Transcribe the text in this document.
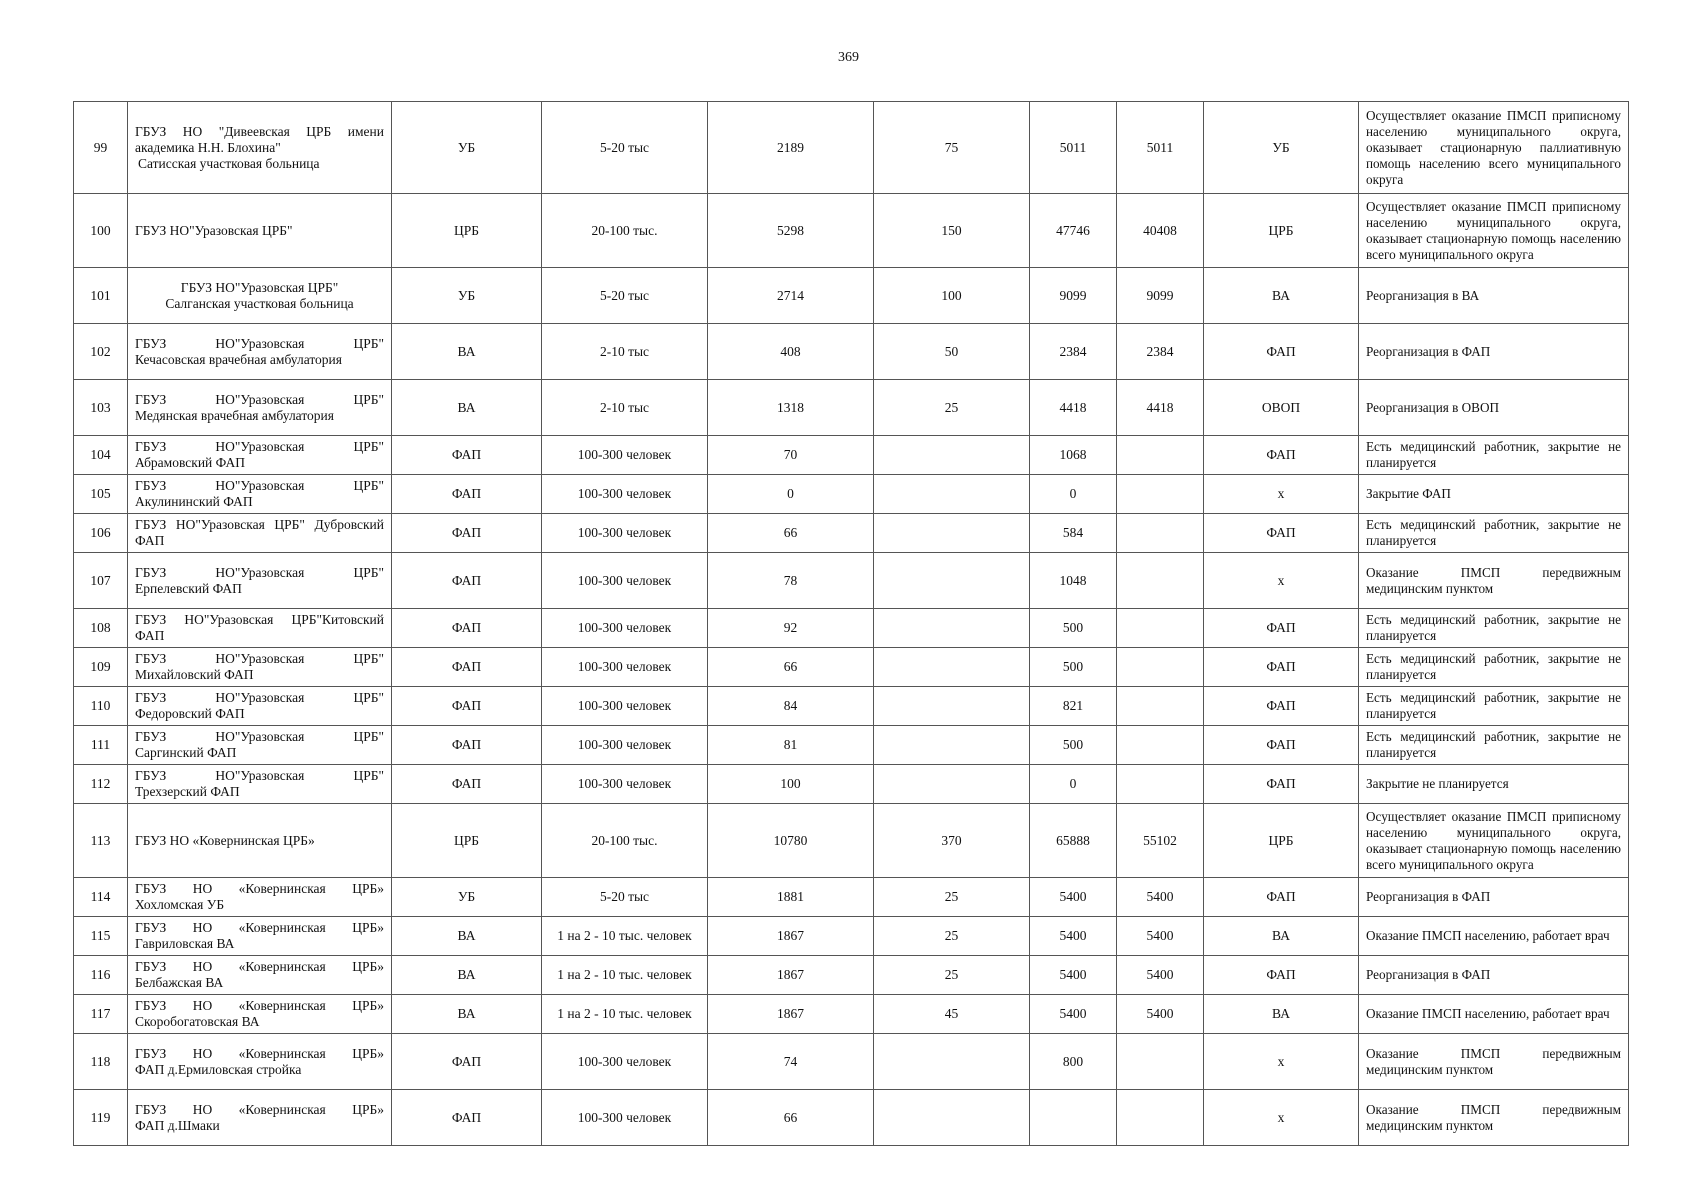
369
99	ГБУЗ НО "Дивеевская ЦРБ имени
академика Н.Н. Блохина"
Сатисская участковая больница	УБ	5-20 тыс	2189	75	5011	5011	УБ	Осуществляет оказание ПМСП приписному населению муниципального округа, оказывает стационарную паллиативную помощь населению всего муниципального округа
100	ГБУЗ НО"Уразовская ЦРБ"	ЦРБ	20-100 тыс.	5298	150	47746	40408	ЦРБ	Осуществляет оказание ПМСП приписному населению муниципального округа, оказывает стационарную помощь населению всего муниципального округа
101	ГБУЗ НО"Уразовская ЦРБ"
Салганская участковая больница	УБ	5-20 тыс	2714	100	9099	9099	ВА	Реорганизация в ВА
102	ГБУЗ НО"Уразовская ЦРБ"
Кечасовская врачебная амбулатория	ВА	2-10 тыс	408	50	2384	2384	ФАП	Реорганизация в ФАП
103	ГБУЗ НО"Уразовская ЦРБ"
Медянская врачебная амбулатория	ВА	2-10 тыс	1318	25	4418	4418	ОВОП	Реорганизация в ОВОП
104	ГБУЗ НО"Уразовская ЦРБ"
Абрамовский ФАП	ФАП	100-300 человек	70		1068		ФАП	Есть медицинский работник, закрытие не планируется
105	ГБУЗ НО"Уразовская ЦРБ"
Акулининский ФАП	ФАП	100-300 человек	0		0		х	Закрытие ФАП
106	ГБУЗ НО"Уразовская ЦРБ" Дубровский
ФАП	ФАП	100-300 человек	66		584		ФАП	Есть медицинский работник, закрытие не планируется
107	ГБУЗ НО"Уразовская ЦРБ"
Ерпелевский ФАП	ФАП	100-300 человек	78		1048		х	Оказание ПМСП передвижным медицинским пунктом
108	ГБУЗ НО"Уразовская ЦРБ"Китовский
ФАП	ФАП	100-300 человек	92		500		ФАП	Есть медицинский работник, закрытие не планируется
109	ГБУЗ НО"Уразовская ЦРБ"
Михайловский ФАП	ФАП	100-300 человек	66		500		ФАП	Есть медицинский работник, закрытие не планируется
110	ГБУЗ НО"Уразовская ЦРБ"
Федоровский ФАП	ФАП	100-300 человек	84		821		ФАП	Есть медицинский работник, закрытие не планируется
111	ГБУЗ НО"Уразовская ЦРБ"
Саргинский ФАП	ФАП	100-300 человек	81		500		ФАП	Есть медицинский работник, закрытие не планируется
112	ГБУЗ НО"Уразовская ЦРБ"
Трехзерский ФАП	ФАП	100-300 человек	100		0		ФАП	Закрытие не планируется
113	ГБУЗ НО «Ковернинская ЦРБ»	ЦРБ	20-100 тыс.	10780	370	65888	55102	ЦРБ	Осуществляет оказание ПМСП приписному населению муниципального округа, оказывает стационарную помощь населению всего муниципального округа
114	ГБУЗ НО «Ковернинская ЦРБ»
Хохломская УБ	УБ	5-20 тыс	1881	25	5400	5400	ФАП	Реорганизация в ФАП
115	ГБУЗ НО «Ковернинская ЦРБ»
Гавриловская ВА	ВА	1 на 2 - 10 тыс. человек	1867	25	5400	5400	ВА	Оказание ПМСП населению, работает врач
116	ГБУЗ НО «Ковернинская ЦРБ»
Белбажская ВА	ВА	1 на 2 - 10 тыс. человек	1867	25	5400	5400	ФАП	Реорганизация в ФАП
117	ГБУЗ НО «Ковернинская ЦРБ»
Скоробогатовская ВА	ВА	1 на 2 - 10 тыс. человек	1867	45	5400	5400	ВА	Оказание ПМСП населению, работает врач
118	ГБУЗ НО «Ковернинская ЦРБ»
ФАП д.Ермиловская стройка	ФАП	100-300 человек	74		800		х	Оказание ПМСП передвижным медицинским пунктом
119	ГБУЗ НО «Ковернинская ЦРБ»
ФАП д.Шмаки	ФАП	100-300 человек	66				х	Оказание ПМСП передвижным медицинским пунктом
